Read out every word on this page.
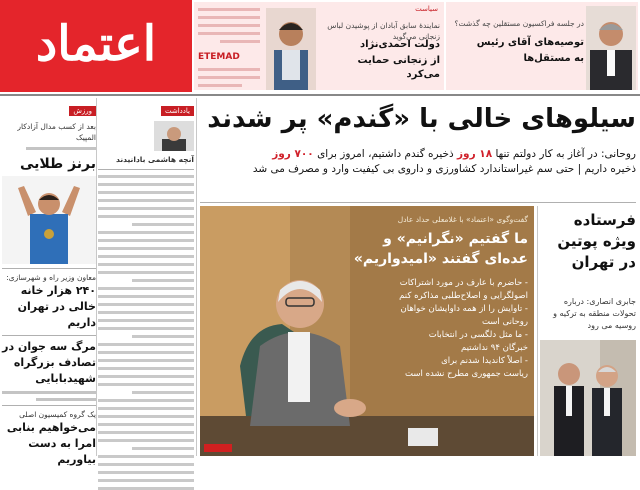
اعتماد	ETEMAD
سیاست
نمایندۀ سابق آبادان از پوشیدن لباس زنجانی می‌گوید
دولت احمدی‌نژاد
از زنجانی حمایت می‌کرد
در جلسه فراکسیون مستقلین چه گذشت؟
توصیه‌های آقای رئیس
به مستقل‌ها
سیلوهای خالی با «گندم» پر شدند
روحانی: در آغاز به کار دولتم تنها ۱۸ روز ذخیره گندم داشتیم، امروز برای ۷۰۰ روز
ذخیره داریم | حتی سم غیراستاندارد کشاورزی و داروی بی کیفیت وارد و مصرف می شد
گفت‌وگوی «اعتماد» با غلامعلی حداد عادل
ما گفتیم «نگرانیم» و عده‌ای گفتند «امیدواریم»
- حاضرم با عارف در مورد اشتراکات
اصولگرایی و اصلاح‌طلبی مذاکره کنم
- تاوایش را از همه داوایشان خواهان
روحانی است
- ما مثل دلگسی در انتخابات
خبرگان ۹۴ نداشتیم
- اصلاً کاندیدا شدنم برای
ریاست جمهوری مطرح نشده است
فرستاده ویژه پوتین در تهران
جابری انصاری: درباره تحولات منطقه به ترکیه و روسیه می رود
ورزش
بعد از کسب مدال آزادکار المپیک
برنز طلایی
معاون وزیر راه و شهرسازی:
۲۴۰ هزار خانه خالی در تهران داریم
مرگ سه جوان در تصادف بزرگراه شهیدبابایی
یک گروه کمیسیون اصلی
می‌خواهیم بنابی ‌امرا به دست بیاوریم
یادداشت
آنچه هاشمی بادانیدند
